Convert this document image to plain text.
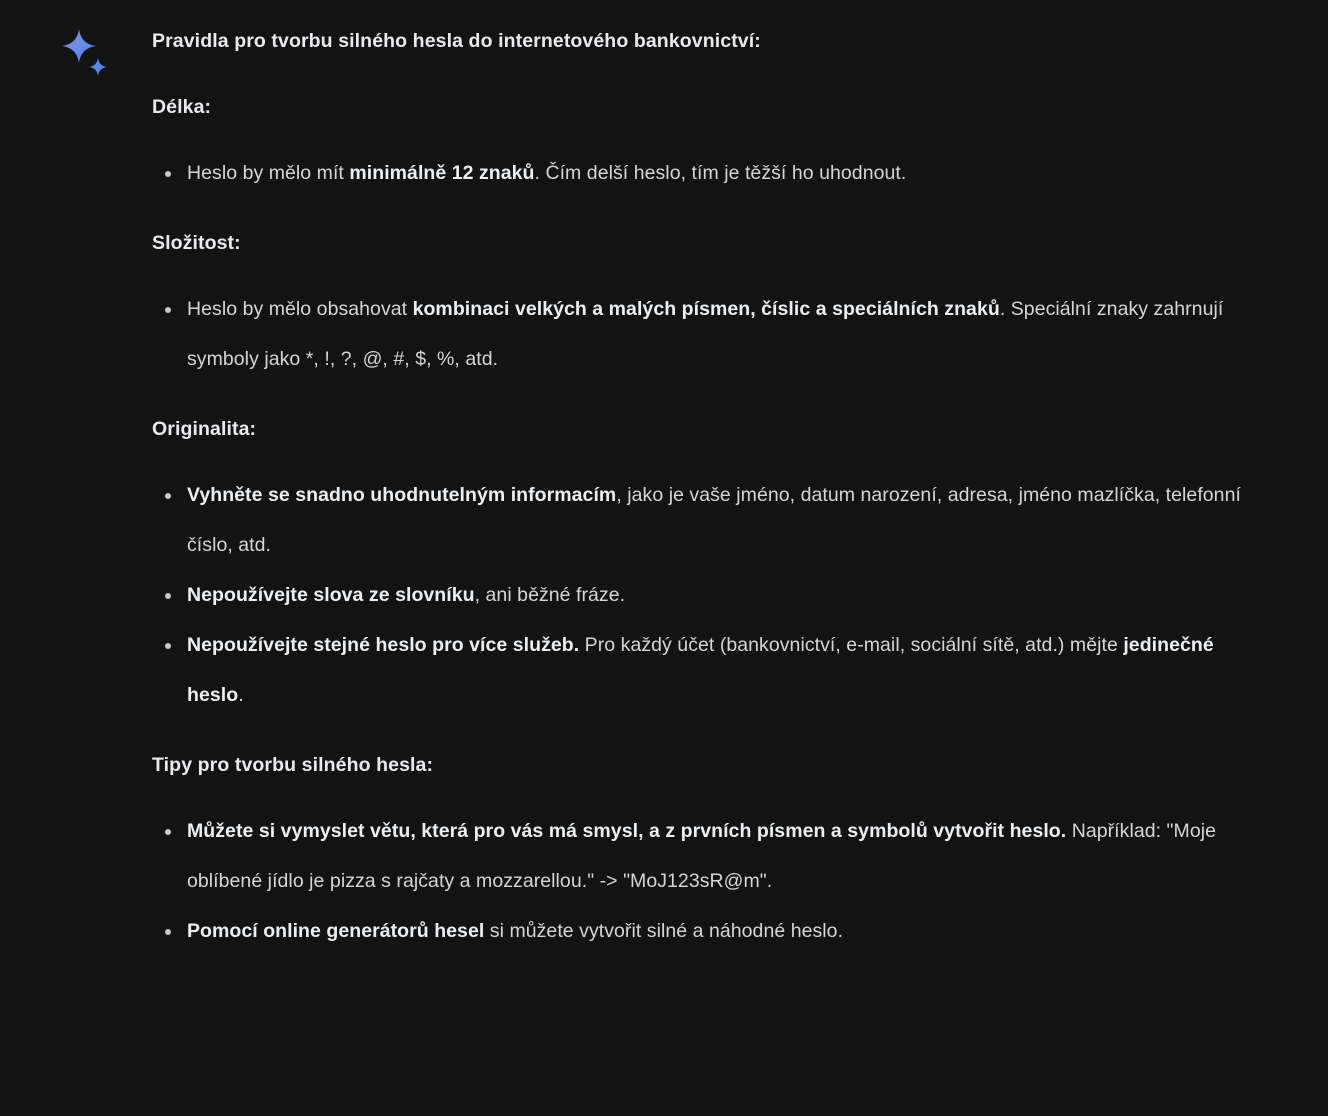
Pravidla pro tvorbu silného hesla do internetového bankovnictví:

Délka:

Heslo by mělo mít minimálně 12 znaků. Čím delší heslo, tím je těžší ho uhodnout.

Složitost:

Heslo by mělo obsahovat kombinaci velkých a malých písmen, číslic a speciálních znaků. Speciální znaky zahrnují symboly jako *, !, ?, @, #, $, %, atd.

Originalita:

Vyhněte se snadno uhodnutelným informacím, jako je vaše jméno, datum narození, adresa, jméno mazlíčka, telefonní číslo, atd.
Nepoužívejte slova ze slovníku, ani běžné fráze.
Nepoužívejte stejné heslo pro více služeb. Pro každý účet (bankovnictví, e-mail, sociální sítě, atd.) mějte jedinečné heslo.

Tipy pro tvorbu silného hesla:

Můžete si vymyslet větu, která pro vás má smysl, a z prvních písmen a symbolů vytvořit heslo. Například: "Moje oblíbené jídlo je pizza s rajčaty a mozzarellou." -> "MoJ123sR@m".
Pomocí online generátorů hesel si můžete vytvořit silné a náhodné heslo.
